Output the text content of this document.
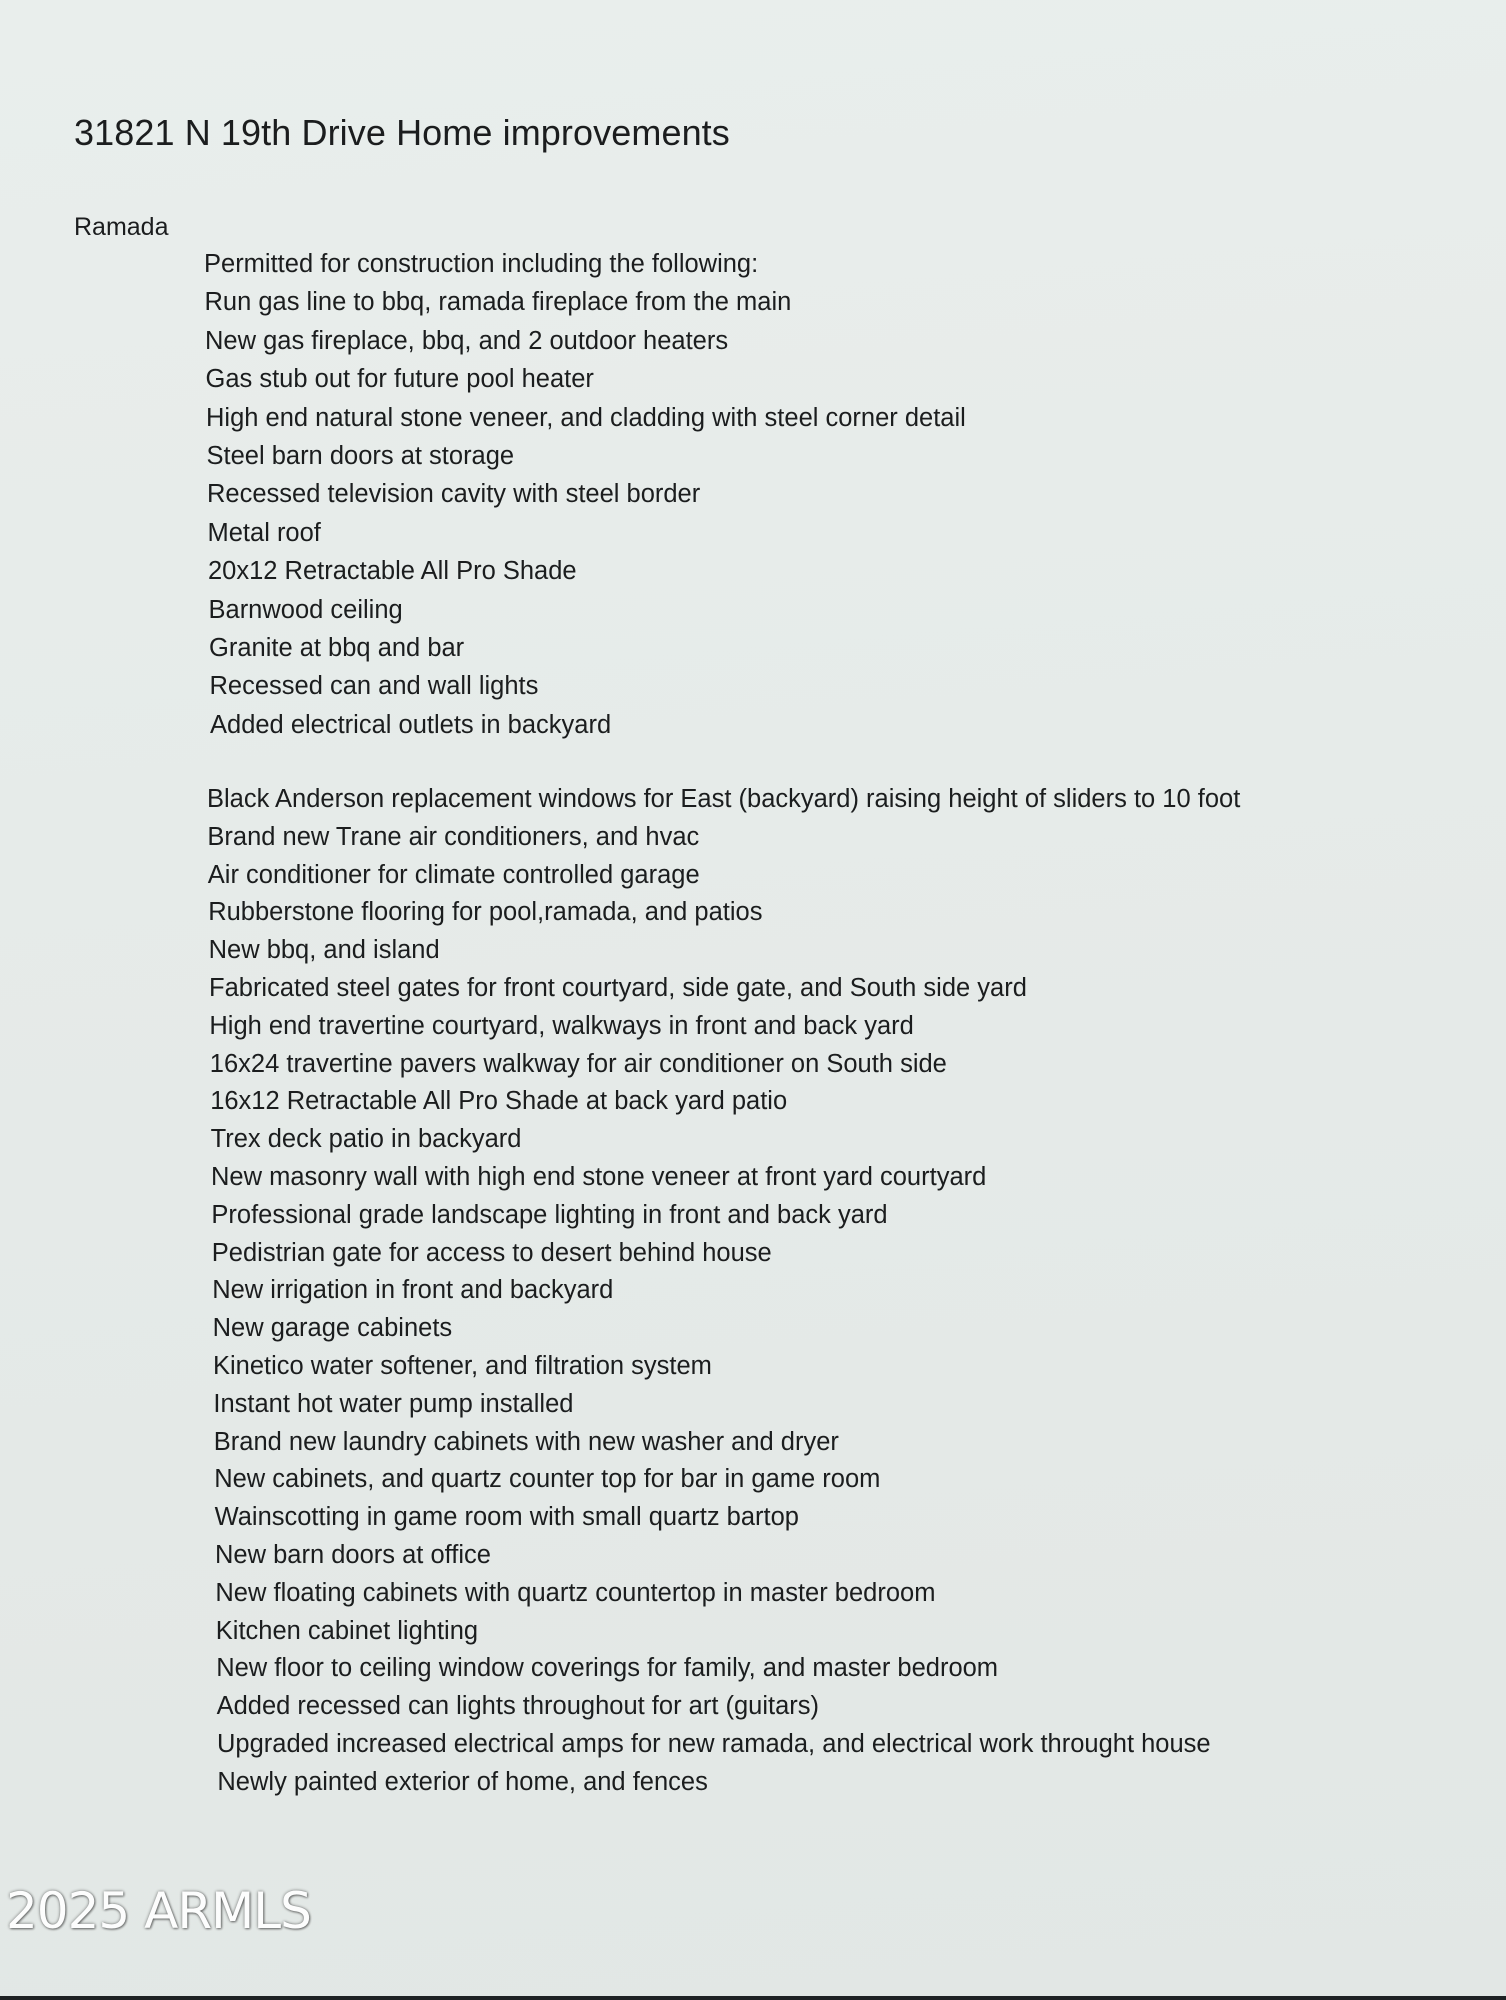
31821 N 19th Drive Home improvements
Ramada
Permitted for construction including the following:
Run gas line to bbq, ramada fireplace from the main
New gas fireplace, bbq, and 2 outdoor heaters
Gas stub out for future pool heater
High end natural stone veneer, and cladding with steel corner detail
Steel barn doors at storage
Recessed television cavity with steel border
Metal roof
20x12 Retractable All Pro Shade
Barnwood ceiling
Granite at bbq and bar
Recessed can and wall lights
Added electrical outlets in backyard
Black Anderson replacement windows for East (backyard) raising height of sliders to 10 foot
Brand new Trane air conditioners, and hvac
Air conditioner for climate controlled garage
Rubberstone flooring for pool,ramada, and patios
New bbq, and island
Fabricated steel gates for front courtyard, side gate, and South side yard
High end travertine courtyard, walkways in front and back yard
16x24 travertine pavers walkway for air conditioner on South side
16x12 Retractable All Pro Shade at back yard patio
Trex deck patio in backyard
New masonry wall with high end stone veneer at front yard courtyard
Professional grade landscape lighting in front and back yard
Pedistrian gate for access to desert behind house
New irrigation in front and backyard
New garage cabinets
Kinetico water softener, and filtration system
Instant hot water pump installed
Brand new laundry cabinets with new washer and dryer
New cabinets, and quartz counter top for bar in game room
Wainscotting in game room with small quartz bartop
New barn doors at office
New floating cabinets with quartz countertop in master bedroom
Kitchen cabinet lighting
New floor to ceiling window coverings for family, and master bedroom
Added recessed can lights throughout for art (guitars)
Upgraded increased electrical amps for new ramada, and electrical work throught house
Newly painted exterior of home, and fences
2025 ARMLS
